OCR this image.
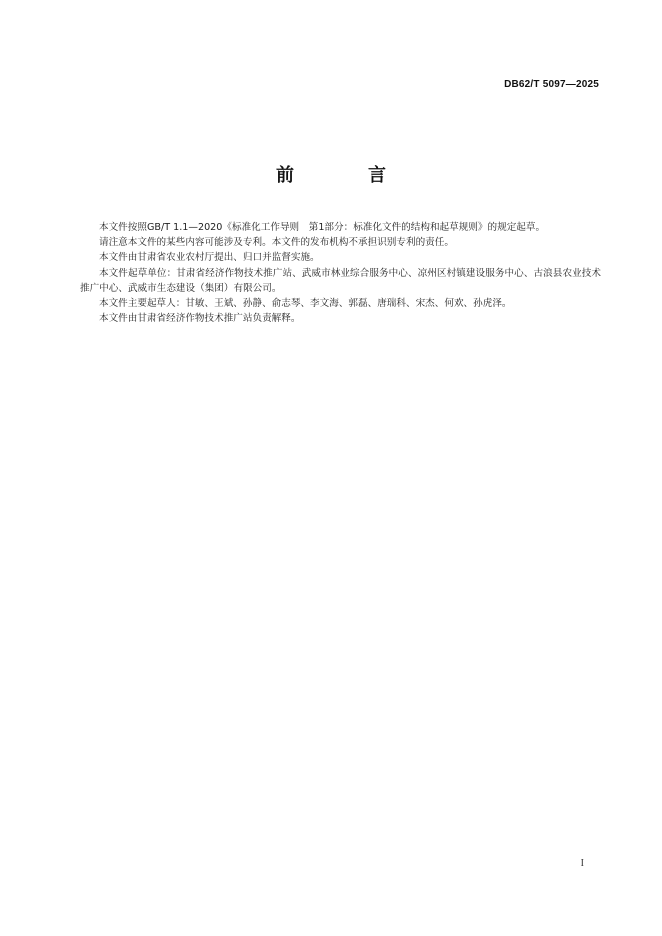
DB62/T 5097—2025
前　言

本文件按照GB/T 1.1—2020《标准化工作导则　第1部分：标准化文件的结构和起草规则》的规定起草。

请注意本文件的某些内容可能涉及专利。本文件的发布机构不承担识别专利的责任。

本文件由甘肃省农业农村厅提出、归口并监督实施。

本文件起草单位：甘肃省经济作物技术推广站、武威市林业综合服务中心、凉州区村镇建设服务中心、古浪县农业技术推广中心、武威市生态建设（集团）有限公司。

本文件主要起草人：甘敏、王斌、孙静、俞志琴、李文海、郭磊、唐瑞科、宋杰、何欢、孙虎泽。

本文件由甘肃省经济作物技术推广站负责解释。

I
